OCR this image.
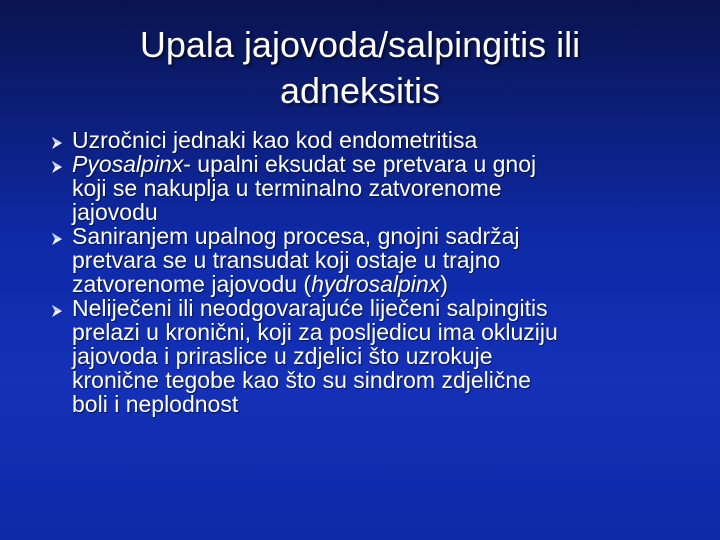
Upala jajovoda/salpingitis ili
adneksitis
Uzročnici jednaki kao kod endometritisa
Pyosalpinx- upalni eksudat se pretvara u gnoj
koji se nakuplja u terminalno zatvorenome
jajovodu
Saniranjem upalnog procesa, gnojni sadržaj
pretvara se u transudat koji ostaje u trajno
zatvorenome jajovodu (hydrosalpinx)
Neliječeni ili neodgovarajuće liječeni salpingitis
prelazi u kronični, koji za posljedicu ima okluziju
jajovoda i priraslice u zdjelici što uzrokuje
kronične tegobe kao što su sindrom zdjelične
boli i neplodnost
